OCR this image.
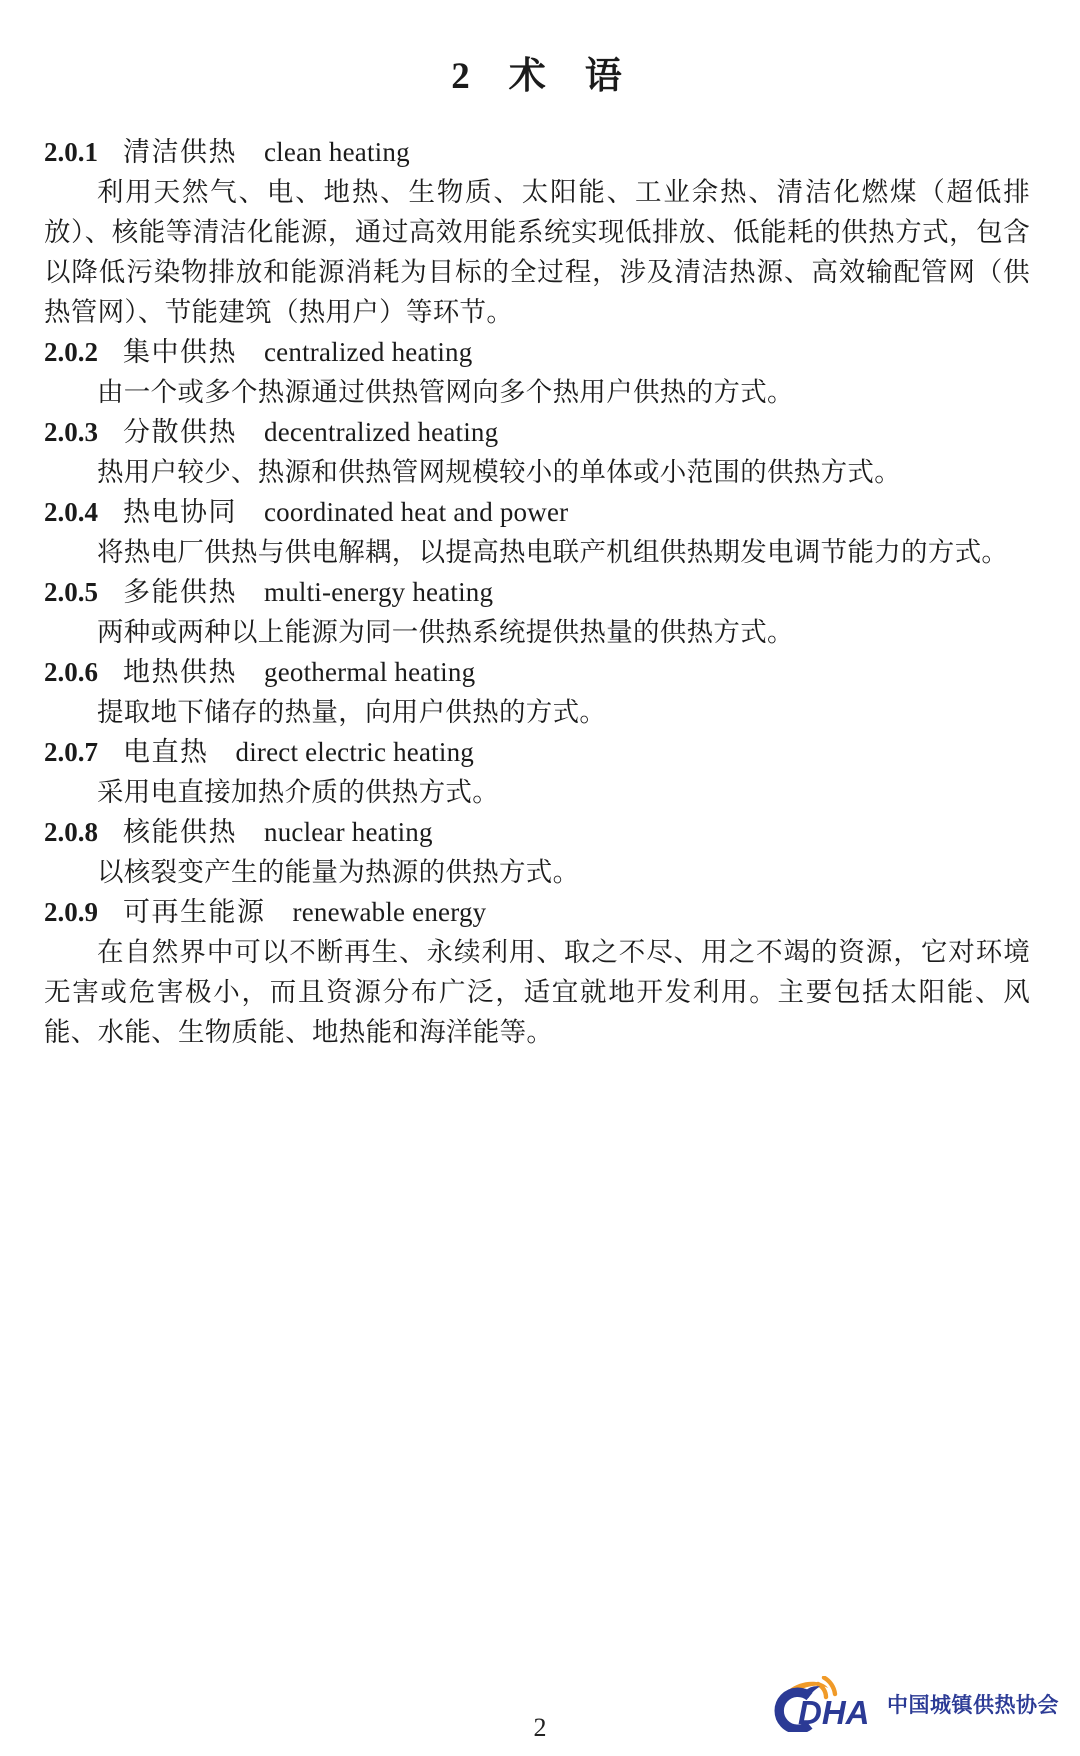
2　术　语
2.0.1 清洁供热 clean heating

利用天然气、电、地热、生物质、太阳能、工业余热、清洁化燃煤（超低排放）、核能等清洁化能源，通过高效用能系统实现低排放、低能耗的供热方式，包含以降低污染物排放和能源消耗为目标的全过程，涉及清洁热源、高效输配管网（供热管网）、节能建筑（热用户）等环节。

2.0.2 集中供热 centralized heating

由一个或多个热源通过供热管网向多个热用户供热的方式。

2.0.3 分散供热 decentralized heating

热用户较少、热源和供热管网规模较小的单体或小范围的供热方式。

2.0.4 热电协同 coordinated heat and power

将热电厂供热与供电解耦，以提高热电联产机组供热期发电调节能力的方式。

2.0.5 多能供热 multi-energy heating

两种或两种以上能源为同一供热系统提供热量的供热方式。

2.0.6 地热供热 geothermal heating

提取地下储存的热量，向用户供热的方式。

2.0.7 电直热 direct electric heating

采用电直接加热介质的供热方式。

2.0.8 核能供热 nuclear heating

以核裂变产生的能量为热源的供热方式。

2.0.9 可再生能源 renewable energy

在自然界中可以不断再生、永续利用、取之不尽、用之不竭的资源，它对环境无害或危害极小，而且资源分布广泛，适宜就地开发利用。主要包括太阳能、风能、水能、生物质能、地热能和海洋能等。

DHA 中国城镇供热协会
2
